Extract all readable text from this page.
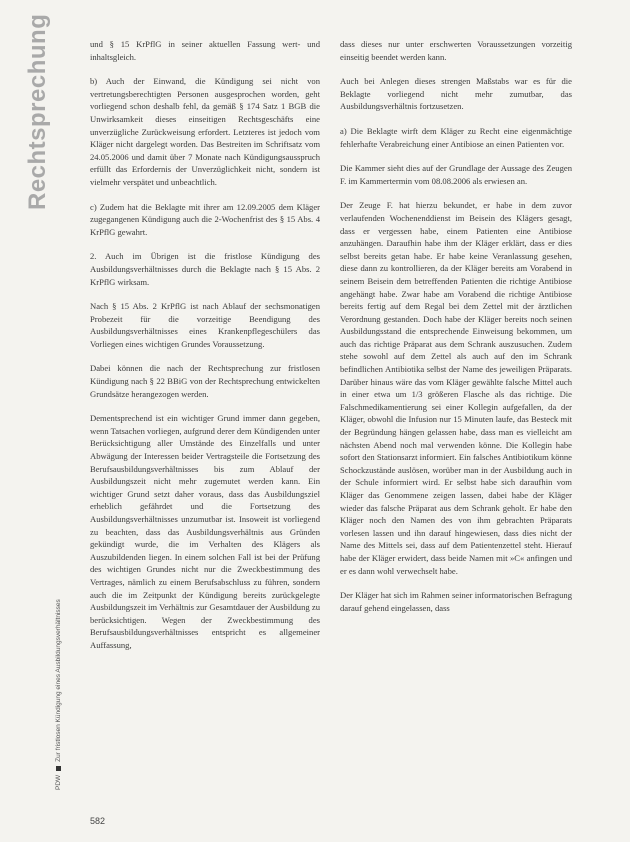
Rechtsprechung
PDW
Zur fristlosen Kündigung eines Ausbildungsverhältnisses

und § 15 KrPflG in seiner aktuellen Fassung wert- und inhaltsgleich.

b) Auch der Einwand, die Kündigung sei nicht von vertretungsberechtigten Personen ausgesprochen worden, geht vorliegend schon deshalb fehl, da gemäß § 174 Satz 1 BGB die Unwirksamkeit dieses einseitigen Rechtsgeschäfts eine unverzügliche Zurückweisung erfordert. Letzteres ist jedoch vom Kläger nicht dargelegt worden. Das Bestreiten im Schriftsatz vom 24.05.2006 und damit über 7 Monate nach Kündigungsausspruch erfüllt das Erfordernis der Unverzüglichkeit nicht, sondern ist vielmehr verspätet und unbeachtlich.

c) Zudem hat die Beklagte mit ihrer am 12.09.2005 dem Kläger zugegangenen Kündigung auch die 2-Wochenfrist des § 15 Abs. 4 KrPflG gewahrt.

2. Auch im Übrigen ist die fristlose Kündigung des Ausbildungsverhältnisses durch die Beklagte nach § 15 Abs. 2 KrPflG wirksam.

Nach § 15 Abs. 2 KrPflG ist nach Ablauf der sechsmonatigen Probezeit für die vorzeitige Beendigung des Ausbildungsverhältnisses eines Krankenpflegeschülers das Vorliegen eines wichtigen Grundes Voraussetzung.

Dabei können die nach der Rechtsprechung zur fristlosen Kündigung nach § 22 BBiG von der Rechtsprechung entwickelten Grundsätze herangezogen werden.

Dementsprechend ist ein wichtiger Grund immer dann gegeben, wenn Tatsachen vorliegen, aufgrund derer dem Kündigenden unter Berücksichtigung aller Umstände des Einzelfalls und unter Abwägung der Interessen beider Vertragsteile die Fortsetzung des Berufsausbildungsverhältnisses bis zum Ablauf der Ausbildungszeit nicht mehr zugemutet werden kann. Ein wichtiger Grund setzt daher voraus, dass das Ausbildungsziel erheblich gefährdet und die Fortsetzung des Ausbildungsverhältnisses unzumutbar ist. Insoweit ist vorliegend zu beachten, dass das Ausbildungsverhältnis aus Gründen gekündigt wurde, die im Verhalten des Klägers als Auszubildenden liegen. In einem solchen Fall ist bei der Prüfung des wichtigen Grundes nicht nur die Zweckbestimmung des Vertrages, nämlich zu einem Berufsabschluss zu führen, sondern auch die im Zeitpunkt der Kündigung bereits zurückgelegte Ausbildungszeit im Verhältnis zur Gesamtdauer der Ausbildung zu berücksichtigen. Wegen der Zweckbestimmung des Berufsausbildungsverhältnisses entspricht es allgemeiner Auffassung,

dass dieses nur unter erschwerten Voraussetzungen vorzeitig einseitig beendet werden kann.

Auch bei Anlegen dieses strengen Maßstabs war es für die Beklagte vorliegend nicht mehr zumutbar, das Ausbildungsverhältnis fortzusetzen.

a) Die Beklagte wirft dem Kläger zu Recht eine eigenmächtige fehlerhafte Verabreichung einer Antibiose an einen Patienten vor.

Die Kammer sieht dies auf der Grundlage der Aussage des Zeugen F. im Kammertermin vom 08.08.2006 als erwiesen an.

Der Zeuge F. hat hierzu bekundet, er habe in dem zuvor verlaufenden Wochenenddienst im Beisein des Klägers gesagt, dass er vergessen habe, einem Patienten eine Antibiose anzuhängen. Daraufhin habe ihm der Kläger erklärt, dass er dies selbst bereits getan habe. Er habe keine Veranlassung gesehen, diese dann zu kontrollieren, da der Kläger bereits am Vorabend in seinem Beisein dem betreffenden Patienten die richtige Antibiose angehängt habe. Zwar habe am Vorabend die richtige Antibiose bereits fertig auf dem Regal bei dem Zettel mit der ärztlichen Verordnung gestanden. Doch habe der Kläger bereits noch seinen Ausbildungsstand die entsprechende Einweisung bekommen, um auch das richtige Präparat aus dem Schrank auszusuchen. Zudem stehe sowohl auf dem Zettel als auch auf den im Schrank befindlichen Antibiotika selbst der Name des jeweiligen Präparats. Darüber hinaus wäre das vom Kläger gewählte falsche Mittel auch in einer etwa um 1/3 größeren Flasche als das richtige. Die Falschmedikamentierung sei einer Kollegin aufgefallen, da der Kläger, obwohl die Infusion nur 15 Minuten laufe, das Besteck mit der Begründung hängen gelassen habe, dass man es vielleicht am nächsten Abend noch mal verwenden könne. Die Kollegin habe sofort den Stationsarzt informiert. Ein falsches Antibiotikum könne Schockzustände auslösen, worüber man in der Ausbildung auch in der Schule informiert wird. Er selbst habe sich daraufhin vom Kläger das Genommene zeigen lassen, dabei habe der Kläger wieder das falsche Präparat aus dem Schrank geholt. Er habe den Kläger noch den Namen des von ihm gebrachten Präparats vorlesen lassen und ihn darauf hingewiesen, dass dies nicht der Name des Mittels sei, dass auf dem Patientenzettel steht. Hierauf habe der Kläger erwidert, dass beide Namen mit »C« anfingen und er es dann wohl verwechselt habe.

Der Kläger hat sich im Rahmen seiner informatorischen Befragung darauf gehend eingelassen, dass

582
